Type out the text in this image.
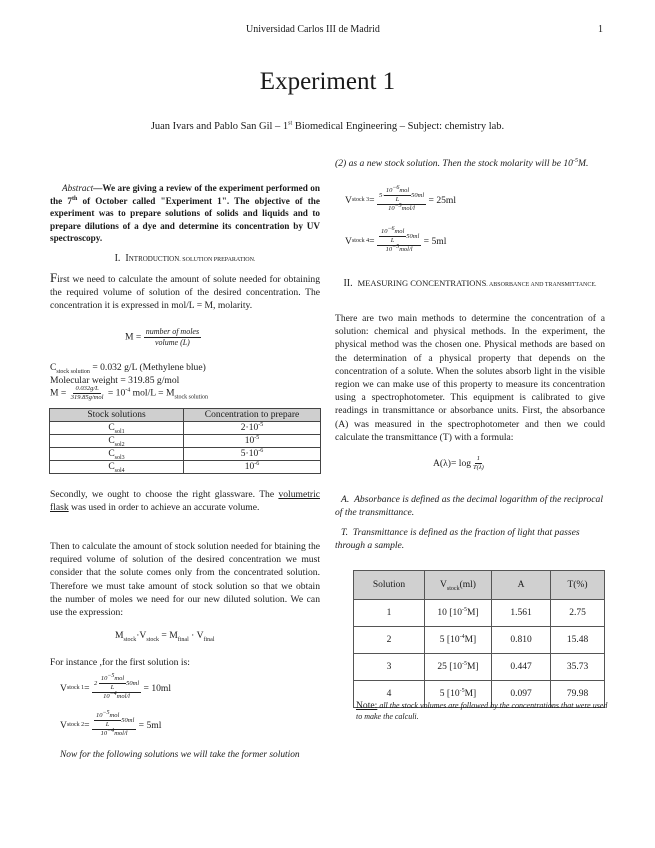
Universidad Carlos III de Madrid	1
Experiment 1
Juan Ivars and Pablo San Gil – 1st Biomedical Engineering – Subject: chemistry lab.

Abstract—We are giving a review of the experiment performed on the 7th of October called "Experiment 1". The objective of the experiment was to prepare solutions of solids and liquids and to prepare dilutions of a dye and determine its concentration by UV spectroscopy.

I. Introduction. SOLUTION PREPARATION.

First we need to calculate the amount of solute needed for obtaining the required volume of solution of the desired concentration. The concentration it is expressed in mol/L = M, molarity.

$M = \frac{\text{number of moles}}{\text{volume (L)}}$
$C_{stock solution} = 0.032$ g/L (Methylene blue)
Molecular weight = 319.85 g/mol
$M = \frac{0.032g/L}{\text{319.85g/mol}} = 10^{-4}$ $mol/L = M_{stock solution}$
Stock solutions	Concentration to prepare
$C_{sol1}$	$2\cdot 10^{-5}$
$C_{sol2}$	$10^{-5}$
$C_{sol3}$	$5\cdot 10^{-6}$
$C_{sol4}$	$10^{-6}$

Secondly, we ought to choose the right glassware. The volumetric flask was used in order to achieve an accurate volume.

Then to calculate the amount of stock solution needed for btaining the required volume of solution of the desired concentration we must consider that the solute comes only from the concentrated solution. Therefore we must take amount of stock solution so that we obtain the number of moles we need for our new diluted solution. We can use the expression:

$M_{stock}\cdot V_{stock} = M_{final} \cdot V_{final}$
For instance ,for the first solution is:
V stock 1 =
$\frac{2 \frac{10^{-5}mol}{L} 50ml}{10^{-4}mol/l}$
= 10ml
V stock 2 =
$\frac{\frac{10^{-5}mol}{L} 50ml}{10^{-4}mol/l}$
= 5ml
Now for the following solutions we will take the former solution
(2) as a new stock solution. Then the stock molarity will be $10^{-5}M$.
V stock 3 =
$\frac{5\cdot \frac{10^{-6}mol}{L} 50ml}{10^{-5}mol/l}$
= 25ml
V stock 4 =
$\frac{\frac{10^{-6}mol}{L} 50ml}{10^{-5}mol/l}$
= 5ml
II. MEASURING CONCENTRATIONS. ABSORBANCE AND TRANSMITTANCE.

There are two main methods to determine the concentration of a solution: chemical and physical methods. In the experiment, the physical method was the chosen one. Physical methods are based on the determination of a physical property that depends on the concentration of a solute. When the solutes absorb light in the visible region we can make use of this property to measure its concentration using a spectrophotometer. This equipment is calibrated to give readings in transmittance or absorbance units. First, the absorbance (A) was measured in the spectrophotometer and then we could calculate the transmittance (T) with a formula:

$A(\lambda)= \log \frac{1}{T(\lambda)}$
A. Absorbance is defined as the decimal logarithm of the reciprocal of the transmittance.
T. Transmittance is defined as the fraction of light that passes through a sample.
Solution	$V_{stock}(ml)$	A	T(%)
1	10 $[10^{-5}M]$	1.561	2.75
2	5 $[10^{-4}M]$	0.810	15.48
3	25 $[10^{-5}M]$	0.447	35.73
4	5 $[10^{-5}M]$	0.097	79.98
Note: all the stock volumes are followed by the concentrations that were used to make the calculi.
